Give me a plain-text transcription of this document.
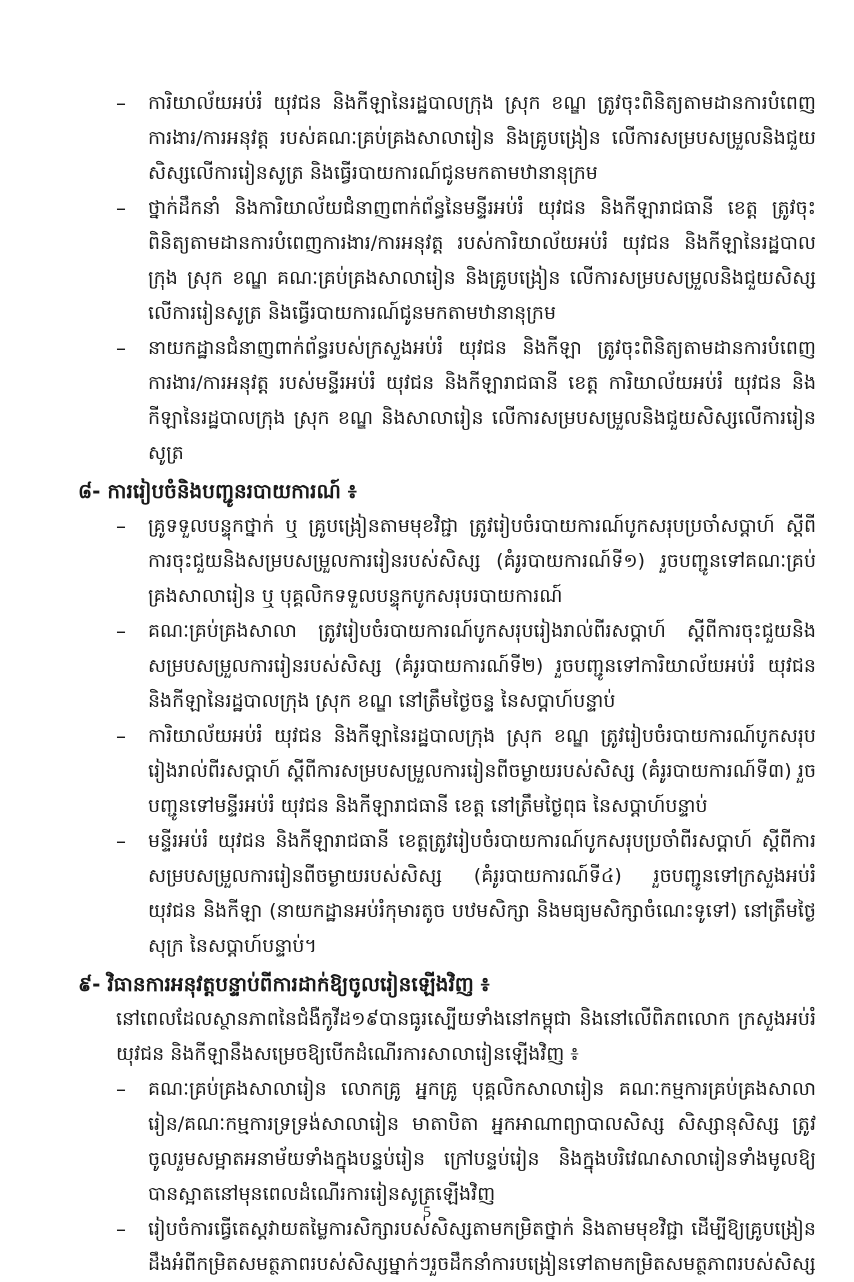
– ការិយាល័យអប់រំ យុវជន និងកីឡានៃរដ្ឋបាលក្រុង ស្រុក ខណ្ឌ ត្រូវចុះពិនិត្យតាមដានការបំពេញការងារ/ការអនុវត្ត របស់គណៈគ្រប់គ្រងសាលារៀន និងគ្រូបង្រៀន លើការសម្របសម្រួលនិងជួយសិស្សលើការរៀនសូត្រ និងធ្វើរបាយការណ៍ជូនមកតាមឋានានុក្រម
– ថ្នាក់ដឹកនាំ និងការិយាល័យជំនាញពាក់ព័ន្ធនៃមន្ទីរអប់រំ យុវជន និងកីឡារាជធានី ខេត្ត ត្រូវចុះពិនិត្យតាមដានការបំពេញការងារ/ការអនុវត្ត របស់ការិយាល័យអប់រំ យុវជន និងកីឡានៃរដ្ឋបាលក្រុង ស្រុក ខណ្ឌ គណៈគ្រប់គ្រងសាលារៀន និងគ្រូបង្រៀន លើការសម្របសម្រួលនិងជួយសិស្សលើការរៀនសូត្រ និងធ្វើរបាយការណ៍ជូនមកតាមឋានានុក្រម
– នាយកដ្ឋានជំនាញពាក់ព័ន្ធរបស់ក្រសួងអប់រំ យុវជន និងកីឡា ត្រូវចុះពិនិត្យតាមដានការបំពេញការងារ/ការអនុវត្ត របស់មន្ទីរអប់រំ យុវជន និងកីឡារាជធានី ខេត្ត ការិយាល័យអប់រំ យុវជន និងកីឡានៃរដ្ឋបាលក្រុង ស្រុក ខណ្ឌ និងសាលារៀន លើការសម្របសម្រួលនិងជួយសិស្សលើការរៀនសូត្រ
៨- ការរៀបចំនិងបញ្ជូនរបាយការណ៍ ៖
– គ្រូទទួលបន្ទុកថ្នាក់ ឬ គ្រូបង្រៀនតាមមុខវិជ្ជា ត្រូវរៀបចំរបាយការណ៍បូកសរុបប្រចាំសប្តាហ៍ ស្តីពីការចុះជួយនិងសម្របសម្រួលការរៀនរបស់សិស្ស (គំរូរបាយការណ៍ទី១) រួចបញ្ជូនទៅគណៈគ្រប់គ្រងសាលារៀន ឬ បុគ្គលិកទទួលបន្ទុកបូកសរុបរបាយការណ៍
– គណៈគ្រប់គ្រងសាលា ត្រូវរៀបចំរបាយការណ៍បូកសរុបរៀងរាល់ពីរសប្តាហ៍ ស្តីពីការចុះជួយនិងសម្របសម្រួលការរៀនរបស់សិស្ស (គំរូរបាយការណ៍ទី២) រួចបញ្ជូនទៅការិយាល័យអប់រំ យុវជន និងកីឡានៃរដ្ឋបាលក្រុង ស្រុក ខណ្ឌ នៅត្រឹមថ្ងៃចន្ទ នៃសប្តាហ៍បន្ទាប់
– ការិយាល័យអប់រំ យុវជន និងកីឡានៃរដ្ឋបាលក្រុង ស្រុក ខណ្ឌ ត្រូវរៀបចំរបាយការណ៍បូកសរុបរៀងរាល់ពីរសប្តាហ៍ ស្តីពីការសម្របសម្រួលការរៀនពីចម្ងាយរបស់សិស្ស (គំរូរបាយការណ៍ទី៣) រួចបញ្ជូនទៅមន្ទីរអប់រំ យុវជន និងកីឡារាជធានី ខេត្ត នៅត្រឹមថ្ងៃពុធ នៃសប្តាហ៍បន្ទាប់
– មន្ទីរអប់រំ យុវជន និងកីឡារាជធានី ខេត្តត្រូវរៀបចំរបាយការណ៍បូកសរុបប្រចាំពីរសប្តាហ៍ ស្តីពីការសម្របសម្រួលការរៀនពីចម្ងាយរបស់សិស្ស (គំរូរបាយការណ៍ទី៤) រួចបញ្ជូនទៅក្រសួងអប់រំ យុវជន និងកីឡា (នាយកដ្ឋានអប់រំកុមារតូច បឋមសិក្សា និងមធ្យមសិក្សាចំណេះទូទៅ) នៅត្រឹមថ្ងៃសុក្រ នៃសប្តាហ៍បន្ទាប់។
៩- វិធានការអនុវត្តបន្ទាប់ពីការដាក់ឱ្យចូលរៀនឡើងវិញ ៖
នៅពេលដែលស្ថានភាពនៃជំងឺកូវីដ១៩បានធូរស្បើយទាំងនៅកម្ពុជា និងនៅលើពិភពលោក ក្រសួងអប់រំ យុវជន និងកីឡានឹងសម្រេចឱ្យបើកដំណើរការសាលារៀនឡើងវិញ ៖
– គណៈគ្រប់គ្រងសាលារៀន លោកគ្រូ អ្នកគ្រូ បុគ្គលិកសាលារៀន គណៈកម្មការគ្រប់គ្រងសាលារៀន/គណៈកម្មការទ្រទ្រង់សាលារៀន មាតាបិតា អ្នកអាណាព្យាបាលសិស្ស សិស្សានុសិស្ស ត្រូវចូលរួមសម្អាតអនាម័យទាំងក្នុងបន្ទប់រៀន ក្រៅបន្ទប់រៀន និងក្នុងបរិវេណសាលារៀនទាំងមូលឱ្យបានស្អាតនៅមុនពេលដំណើរការរៀនសូត្រឡើងវិញ
– រៀបចំការធ្វើតេស្តវាយតម្លៃការសិក្សារបស់សិស្សតាមកម្រិតថ្នាក់ និងតាមមុខវិជ្ជា ដើម្បីឱ្យគ្រូបង្រៀនដឹងអំពីកម្រិតសមត្ថភាពរបស់សិស្សម្នាក់ៗរួចដឹកនាំការបង្រៀនទៅតាមកម្រិតសមត្ថភាពរបស់សិស្ស
5
